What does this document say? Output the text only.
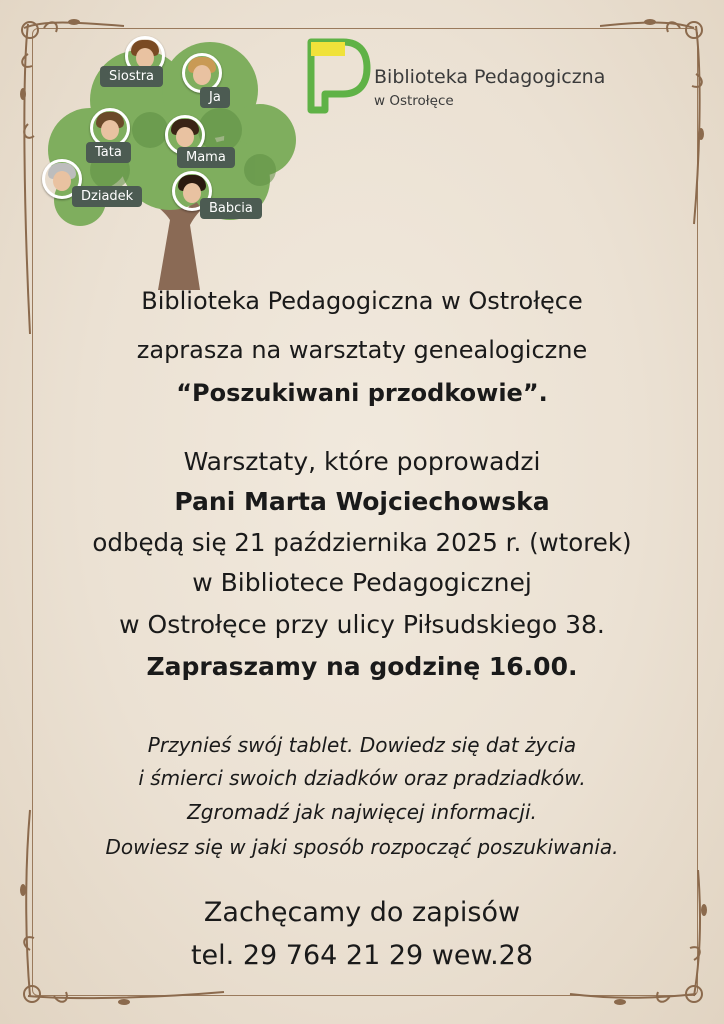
Siostra
Ja
Tata	Mama
Dziadek
Babcia
Biblioteka Pedagogiczna
w Ostrołęce
Biblioteka Pedagogiczna w Ostrołęce
zaprasza na warsztaty genealogiczne
“Poszukiwani przodkowie”.
Warsztaty, które poprowadzi
Pani Marta Wojciechowska
odbędą się 21 października 2025 r. (wtorek)
w Bibliotece Pedagogicznej
w Ostrołęce przy ulicy Piłsudskiego 38.
Zapraszamy na godzinę 16.00.
Przynieś swój tablet. Dowiedz się dat życia
i śmierci swoich dziadków oraz pradziadków.
Zgromadź jak najwięcej informacji.
Dowiesz się w jaki sposób rozpocząć poszukiwania.
Zachęcamy do zapisów
tel. 29 764 21 29 wew.28
